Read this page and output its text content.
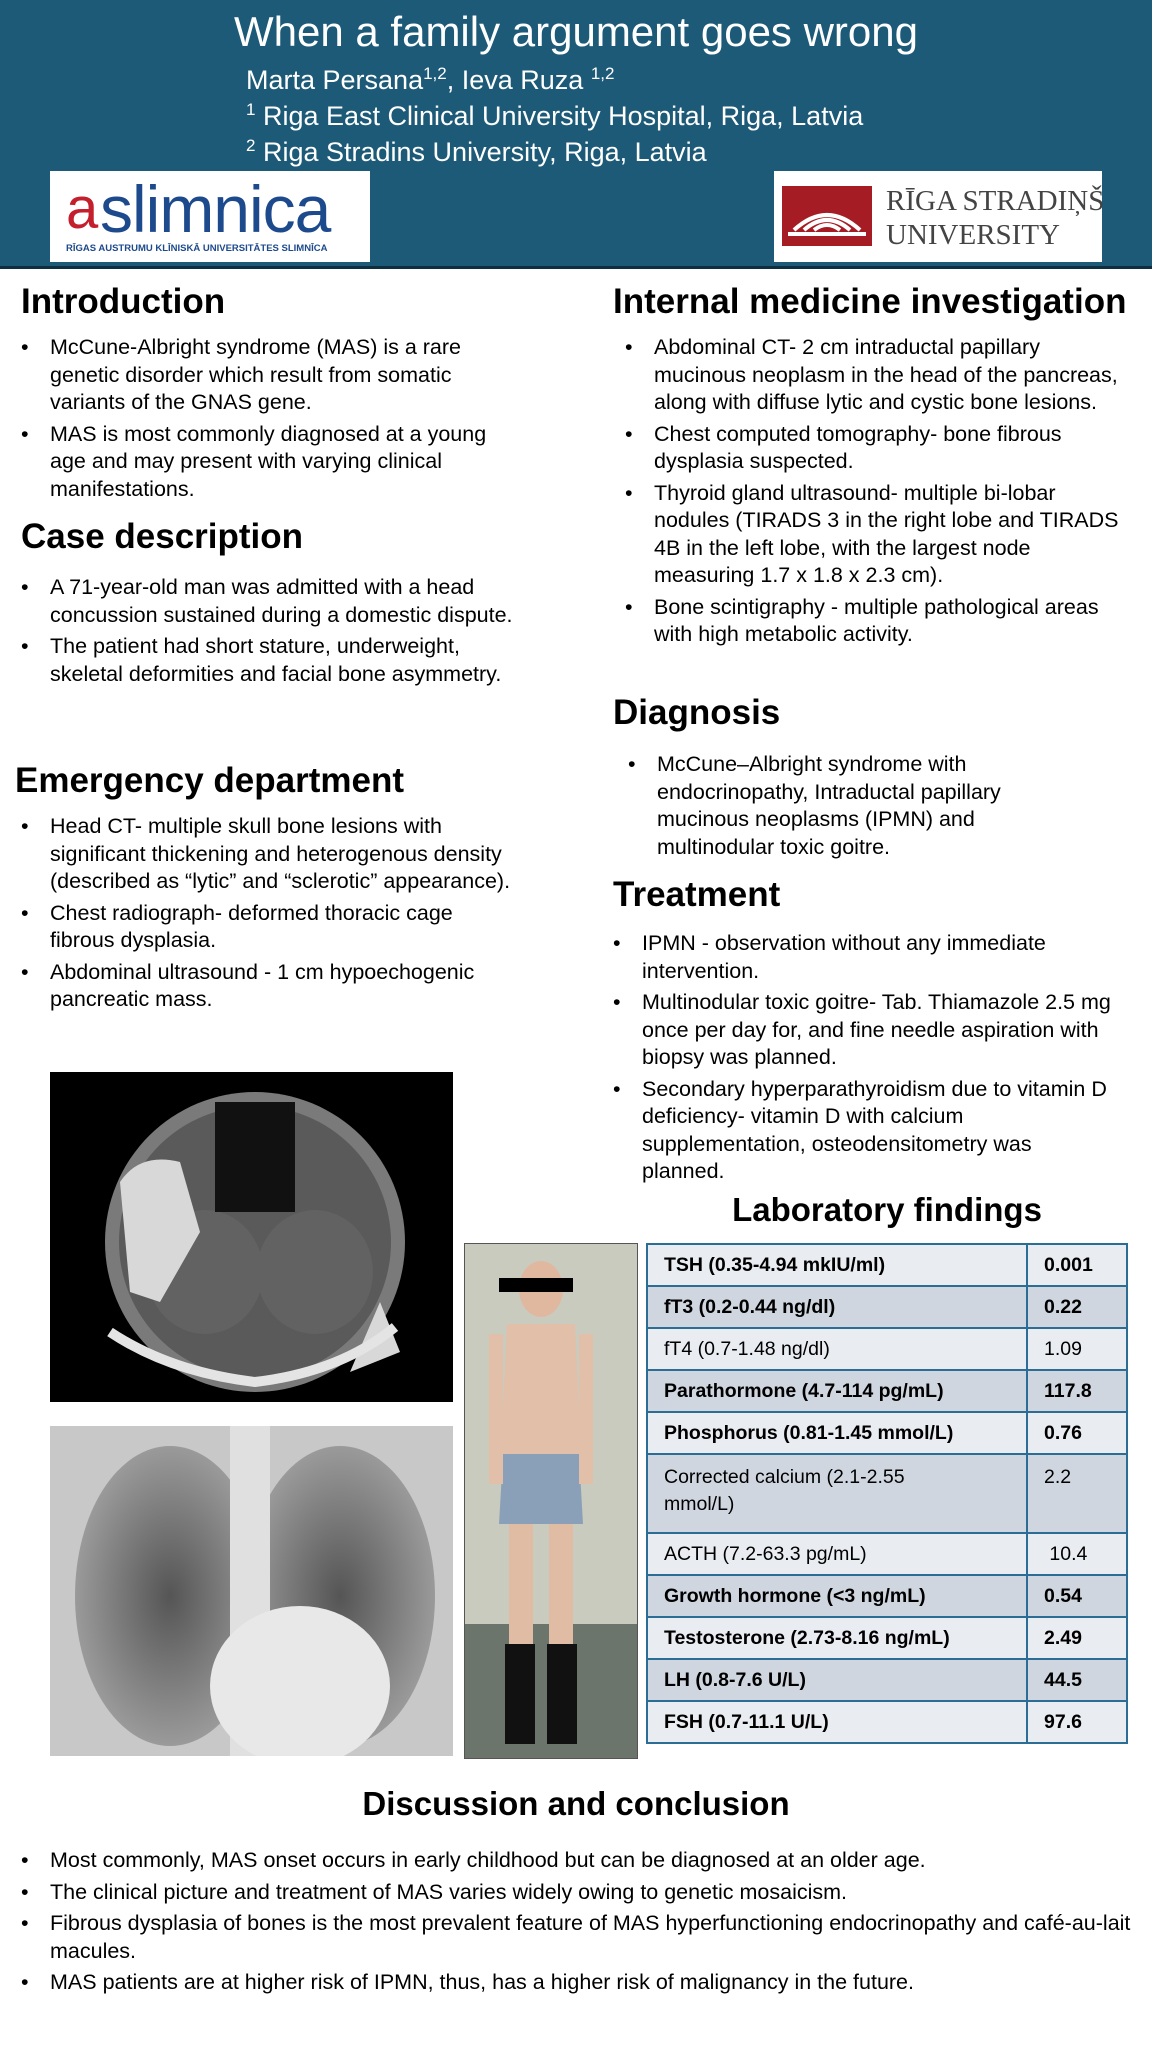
When a family argument goes wrong
Marta Persana$^{1,2}$, Ieva Ruza $^{1,2}$
$^1$ Riga East Clinical University Hospital, Riga, Latvia
$^2$ Riga Stradins University, Riga, Latvia
a slimnica
RĪGAS AUSTRUMU KLĪNISKĀ UNIVERSITĀTES SLIMNĪCA
RĪGA STRADIŅŠ
UNIVERSITY
Introduction
• McCune-Albright syndrome (MAS) is a rare genetic disorder which result from somatic variants of the GNAS gene.
• MAS is most commonly diagnosed at a young age and may present with varying clinical manifestations.
Case description
• A 71-year-old man was admitted with a head concussion sustained during a domestic dispute.
• The patient had short stature, underweight, skeletal deformities and facial bone asymmetry.
Emergency department
• Head CT- multiple skull bone lesions with significant thickening and heterogenous density (described as “lytic” and “sclerotic” appearance).
• Chest radiograph- deformed thoracic cage fibrous dysplasia.
• Abdominal ultrasound - 1 cm hypoechogenic pancreatic mass.
Internal medicine investigation
• Abdominal CT- 2 cm intraductal papillary mucinous neoplasm in the head of the pancreas, along with diffuse lytic and cystic bone lesions.
• Chest computed tomography- bone fibrous dysplasia suspected.
• Thyroid gland ultrasound- multiple bi-lobar nodules (TIRADS 3 in the right lobe and TIRADS 4B in the left lobe, with the largest node measuring 1.7 x 1.8 x 2.3 cm).
• Bone scintigraphy - multiple pathological areas with high metabolic activity.
Diagnosis
• McCune–Albright syndrome with endocrinopathy, Intraductal papillary mucinous neoplasms (IPMN) and multinodular toxic goitre.
Treatment
• IPMN - observation without any immediate intervention.
• Multinodular toxic goitre- Tab. Thiamazole 2.5 mg once per day for, and fine needle aspiration with biopsy was planned.
• Secondary hyperparathyroidism due to vitamin D deficiency- vitamin D with calcium supplementation, osteodensitometry was planned.
Laboratory findings
TSH (0.35-4.94 mkIU/ml)	0.001
fT3 (0.2-0.44 ng/dl)	0.22
fT4 (0.7-1.48 ng/dl)	1.09
Parathormone (4.7-114 pg/mL)	117.8
Phosphorus (0.81-1.45 mmol/L)	0.76
Corrected calcium (2.1-2.55 mmol/L)	2.2
ACTH (7.2-63.3 pg/mL)	10.4
Growth hormone (<3 ng/mL)	0.54
Testosterone (2.73-8.16 ng/mL)	2.49
LH (0.8-7.6 U/L)	44.5
FSH (0.7-11.1 U/L)	97.6
Discussion and conclusion
• Most commonly, MAS onset occurs in early childhood but can be diagnosed at an older age.
• The clinical picture and treatment of MAS varies widely owing to genetic mosaicism.
• Fibrous dysplasia of bones is the most prevalent feature of MAS hyperfunctioning endocrinopathy and café-au-lait macules.
• MAS patients are at higher risk of IPMN, thus, has a higher risk of malignancy in the future.
